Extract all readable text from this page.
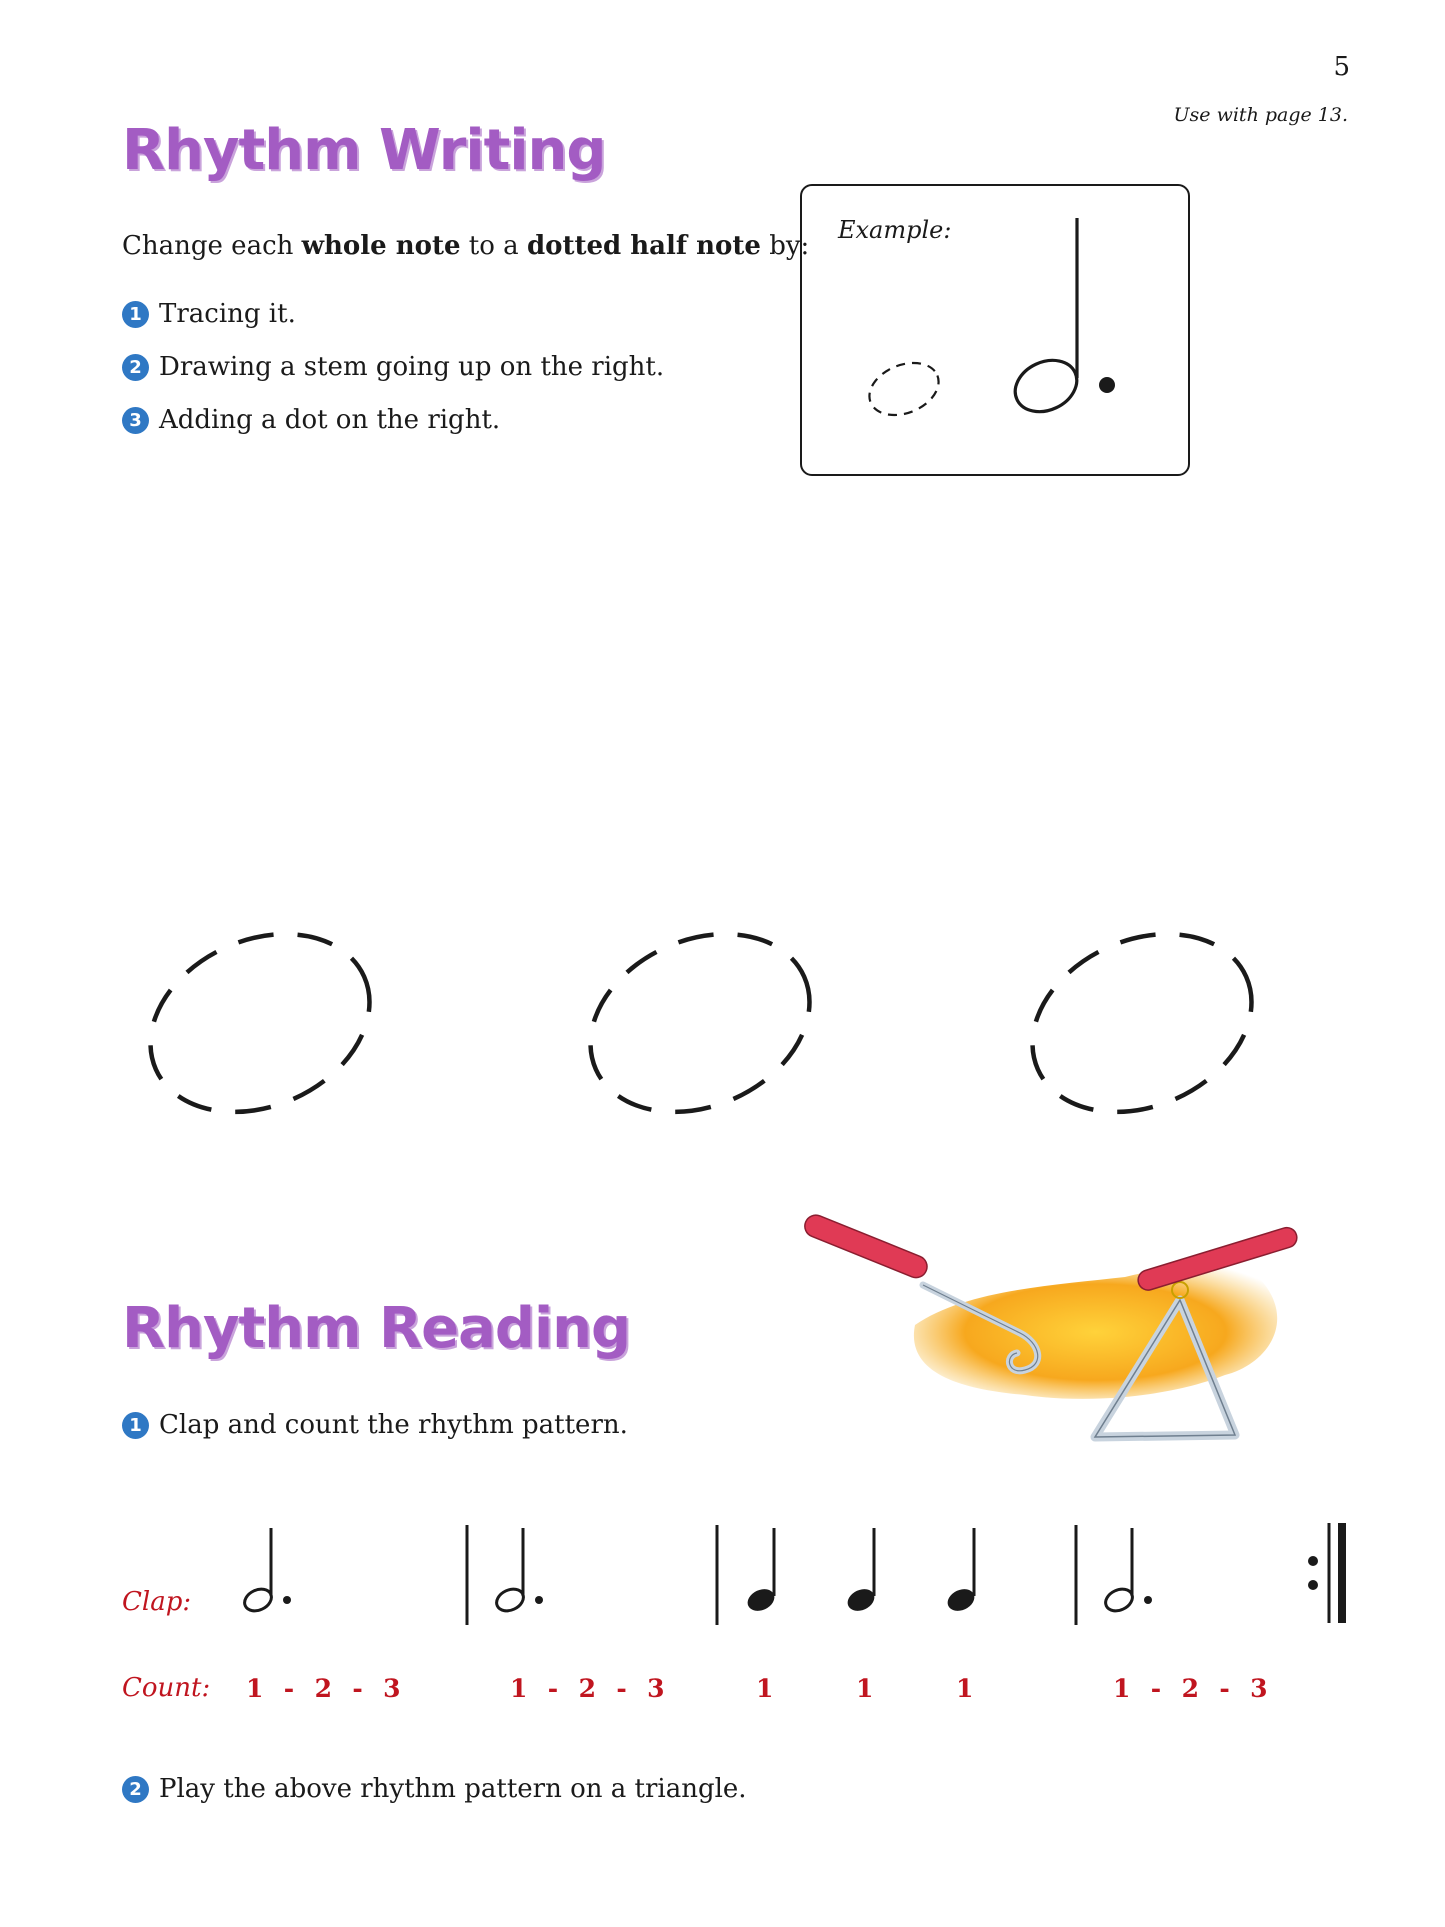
5
Use with page 13.
Rhythm Writing
Change each whole note to a dotted half note by:
1 Tracing it.
2 Drawing a stem going up on the right.
3 Adding a dot on the right.
Example:
Rhythm Reading
1 Clap and count the rhythm pattern.
Clap:
Count: 1  -  2  -  3	1  -  2  -  3	1	1	1	1  -  2  -  3
2 Play the above rhythm pattern on a triangle.
